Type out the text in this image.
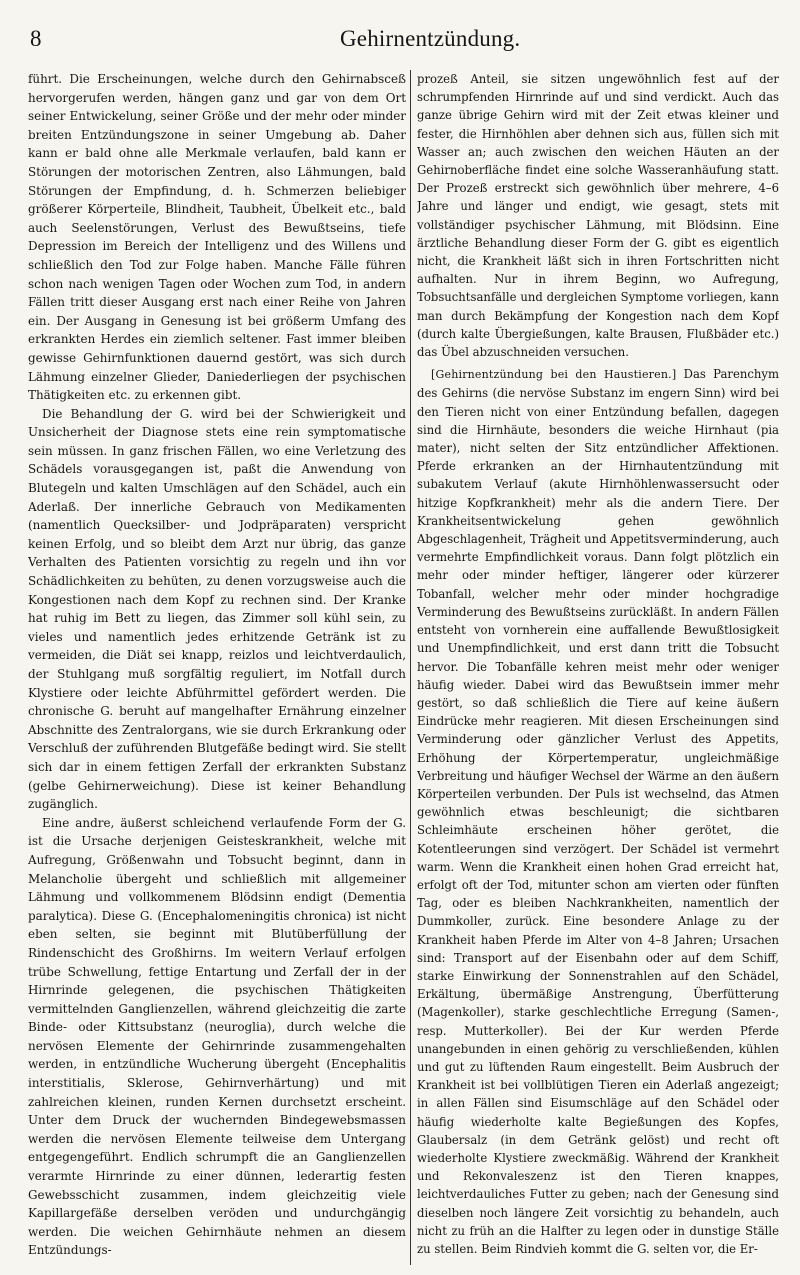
8	Gehirnentzündung.

führt. Die Erscheinungen, welche durch den Gehirnabsceß hervorgerufen werden, hängen ganz und gar von dem Ort seiner Entwickelung, seiner Größe und der mehr oder minder breiten Entzündungszone in seiner Umgebung ab. Daher kann er bald ohne alle Merkmale verlaufen, bald kann er Störungen der motorischen Zentren, also Lähmungen, bald Störungen der Empfindung, d. h. Schmerzen beliebiger größerer Körperteile, Blindheit, Taubheit, Übelkeit etc., bald auch Seelenstörungen, Verlust des Bewußtseins, tiefe Depression im Bereich der Intelligenz und des Willens und schließlich den Tod zur Folge haben. Manche Fälle führen schon nach wenigen Tagen oder Wochen zum Tod, in andern Fällen tritt dieser Ausgang erst nach einer Reihe von Jahren ein. Der Ausgang in Genesung ist bei größerm Umfang des erkrankten Herdes ein ziemlich seltener. Fast immer bleiben gewisse Gehirnfunktionen dauernd gestört, was sich durch Lähmung einzelner Glieder, Daniederliegen der psychischen Thätigkeiten etc. zu erkennen gibt.

Die Behandlung der G. wird bei der Schwierigkeit und Unsicherheit der Diagnose stets eine rein symptomatische sein müssen. In ganz frischen Fällen, wo eine Verletzung des Schädels vorausgegangen ist, paßt die Anwendung von Blutegeln und kalten Umschlägen auf den Schädel, auch ein Aderlaß. Der innerliche Gebrauch von Medikamenten (namentlich Quecksilber- und Jodpräparaten) verspricht keinen Erfolg, und so bleibt dem Arzt nur übrig, das ganze Verhalten des Patienten vorsichtig zu regeln und ihn vor Schädlichkeiten zu behüten, zu denen vorzugsweise auch die Kongestionen nach dem Kopf zu rechnen sind. Der Kranke hat ruhig im Bett zu liegen, das Zimmer soll kühl sein, zu vieles und namentlich jedes erhitzende Getränk ist zu vermeiden, die Diät sei knapp, reizlos und leichtverdaulich, der Stuhlgang muß sorgfältig reguliert, im Notfall durch Klystiere oder leichte Abführmittel gefördert werden. Die chronische G. beruht auf mangelhafter Ernährung einzelner Abschnitte des Zentralorgans, wie sie durch Erkrankung oder Verschluß der zuführenden Blutgefäße bedingt wird. Sie stellt sich dar in einem fettigen Zerfall der erkrankten Substanz (gelbe Gehirnerweichung). Diese ist keiner Behandlung zugänglich.

Eine andre, äußerst schleichend verlaufende Form der G. ist die Ursache derjenigen Geisteskrankheit, welche mit Aufregung, Größenwahn und Tobsucht beginnt, dann in Melancholie übergeht und schließlich mit allgemeiner Lähmung und vollkommenem Blödsinn endigt (Dementia paralytica). Diese G. (Encephalomeningitis chronica) ist nicht eben selten, sie beginnt mit Blutüberfüllung der Rindenschicht des Großhirns. Im weitern Verlauf erfolgen trübe Schwellung, fettige Entartung und Zerfall der in der Hirnrinde gelegenen, die psychischen Thätigkeiten vermittelnden Ganglienzellen, während gleichzeitig die zarte Binde- oder Kittsubstanz (neuroglia), durch welche die nervösen Elemente der Gehirnrinde zusammengehalten werden, in entzündliche Wucherung übergeht (Encephalitis interstitialis, Sklerose, Gehirnverhärtung) und mit zahlreichen kleinen, runden Kernen durchsetzt erscheint. Unter dem Druck der wuchernden Bindegewebsmassen werden die nervösen Elemente teilweise dem Untergang entgegengeführt. Endlich schrumpft die an Ganglienzellen verarmte Hirnrinde zu einer dünnen, lederartig festen Gewebsschicht zusammen, indem gleichzeitig viele Kapillargefäße derselben veröden und undurchgängig werden. Die weichen Gehirnhäute nehmen an diesem Entzündungs-

prozeß Anteil, sie sitzen ungewöhnlich fest auf der schrumpfenden Hirnrinde auf und sind verdickt. Auch das ganze übrige Gehirn wird mit der Zeit etwas kleiner und fester, die Hirnhöhlen aber dehnen sich aus, füllen sich mit Wasser an; auch zwischen den weichen Häuten an der Gehirnoberfläche findet eine solche Wasseranhäufung statt. Der Prozeß erstreckt sich gewöhnlich über mehrere, 4–6 Jahre und länger und endigt, wie gesagt, stets mit vollständiger psychischer Lähmung, mit Blödsinn. Eine ärztliche Behandlung dieser Form der G. gibt es eigentlich nicht, die Krankheit läßt sich in ihren Fortschritten nicht aufhalten. Nur in ihrem Beginn, wo Aufregung, Tobsuchtsanfälle und dergleichen Symptome vorliegen, kann man durch Bekämpfung der Kongestion nach dem Kopf (durch kalte Übergießungen, kalte Brausen, Flußbäder etc.) das Übel abzuschneiden versuchen.

[Gehirnentzündung bei den Haustieren.] Das Parenchym des Gehirns (die nervöse Substanz im engern Sinn) wird bei den Tieren nicht von einer Entzündung befallen, dagegen sind die Hirnhäute, besonders die weiche Hirnhaut (pia mater), nicht selten der Sitz entzündlicher Affektionen. Pferde erkranken an der Hirnhautentzündung mit subakutem Verlauf (akute Hirnhöhlenwassersucht oder hitzige Kopfkrankheit) mehr als die andern Tiere. Der Krankheitsentwickelung gehen gewöhnlich Abgeschlagenheit, Trägheit und Appetitsverminderung, auch vermehrte Empfindlichkeit voraus. Dann folgt plötzlich ein mehr oder minder heftiger, längerer oder kürzerer Tobanfall, welcher mehr oder minder hochgradige Verminderung des Bewußtseins zurückläßt. In andern Fällen entsteht von vornherein eine auffallende Bewußtlosigkeit und Unempfindlichkeit, und erst dann tritt die Tobsucht hervor. Die Tobanfälle kehren meist mehr oder weniger häufig wieder. Dabei wird das Bewußtsein immer mehr gestört, so daß schließlich die Tiere auf keine äußern Eindrücke mehr reagieren. Mit diesen Erscheinungen sind Verminderung oder gänzlicher Verlust des Appetits, Erhöhung der Körpertemperatur, ungleichmäßige Verbreitung und häufiger Wechsel der Wärme an den äußern Körperteilen verbunden. Der Puls ist wechselnd, das Atmen gewöhnlich etwas beschleunigt; die sichtbaren Schleimhäute erscheinen höher gerötet, die Kotentleerungen sind verzögert. Der Schädel ist vermehrt warm. Wenn die Krankheit einen hohen Grad erreicht hat, erfolgt oft der Tod, mitunter schon am vierten oder fünften Tag, oder es bleiben Nachkrankheiten, namentlich der Dummkoller, zurück. Eine besondere Anlage zu der Krankheit haben Pferde im Alter von 4–8 Jahren; Ursachen sind: Transport auf der Eisenbahn oder auf dem Schiff, starke Einwirkung der Sonnenstrahlen auf den Schädel, Erkältung, übermäßige Anstrengung, Überfütterung (Magenkoller), starke geschlechtliche Erregung (Samen-, resp. Mutterkoller). Bei der Kur werden Pferde unangebunden in einen gehörig zu verschließenden, kühlen und gut zu lüftenden Raum eingestellt. Beim Ausbruch der Krankheit ist bei vollblütigen Tieren ein Aderlaß angezeigt; in allen Fällen sind Eisumschläge auf den Schädel oder häufig wiederholte kalte Begießungen des Kopfes, Glaubersalz (in dem Getränk gelöst) und recht oft wiederholte Klystiere zweckmäßig. Während der Krankheit und Rekonvaleszenz ist den Tieren knappes, leichtverdauliches Futter zu geben; nach der Genesung sind dieselben noch längere Zeit vorsichtig zu behandeln, auch nicht zu früh an die Halfter zu legen oder in dunstige Ställe zu stellen. Beim Rindvieh kommt die G. selten vor, die Er-
